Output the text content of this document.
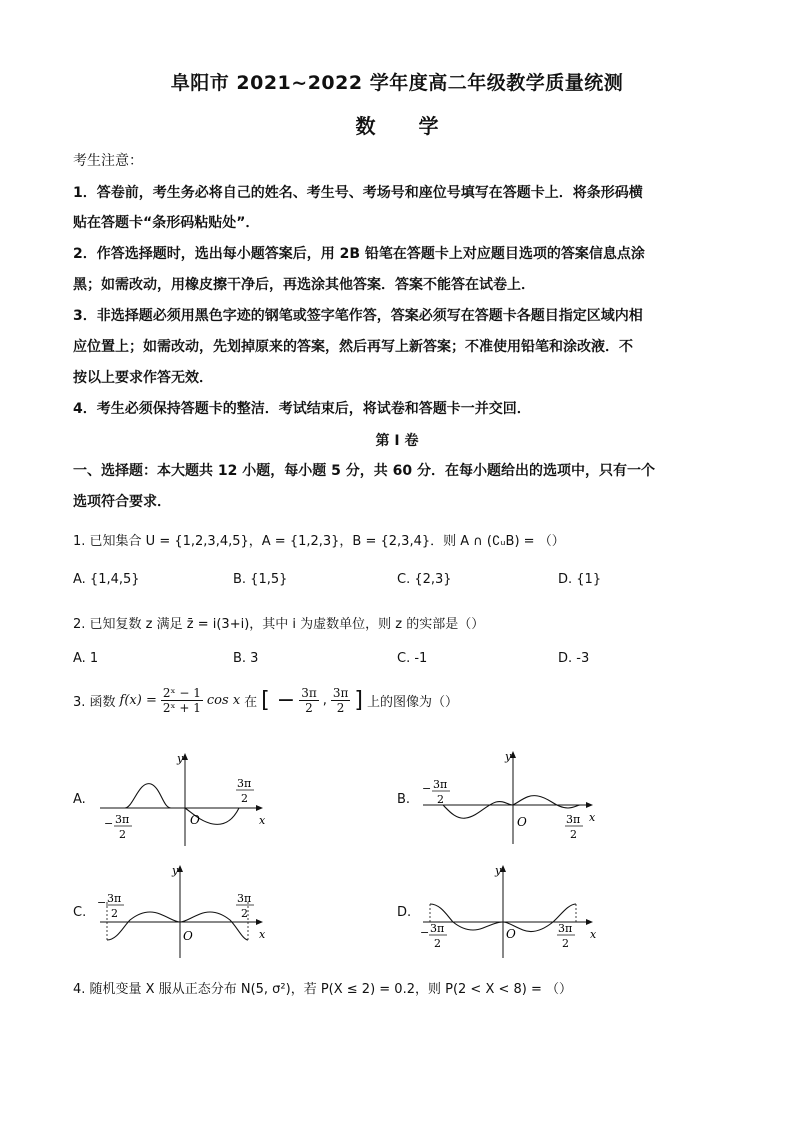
阜阳市 2021~2022 学年度高二年级教学质量统测
数 学
考生注意：
1．答卷前，考生务必将自己的姓名、考生号、考场号和座位号填写在答题卡上．将条形码横
贴在答题卡“条形码粘贴处”．
2．作答选择题时，选出每小题答案后，用 2B 铅笔在答题卡上对应题目选项的答案信息点涂
黑；如需改动，用橡皮擦干净后，再选涂其他答案．答案不能答在试卷上．
3．非选择题必须用黑色字迹的钢笔或签字笔作答，答案必须写在答题卡各题目指定区域内相
应位置上；如需改动，先划掉原来的答案，然后再写上新答案；不准使用铅笔和涂改液．不
按以上要求作答无效．
4．考生必须保持答题卡的整洁．考试结束后，将试卷和答题卡一并交回．
第 I 卷
一、选择题：本大题共 12 小题，每小题 5 分，共 60 分．在每小题给出的选项中，只有一个
选项符合要求．
1. 已知集合 U = {1,2,3,4,5}，A = {1,2,3}，B = {2,3,4}．则 A ∩ (∁ᵤB) = （）
A. {1,4,5}	B. {1,5}	C. {2,3}	D. {1}
2. 已知复数 z 满足 z̄ = i(3+i)，其中 i 为虚数单位，则 z 的实部是（）
A. 1	B. 3	C. -1	D. -3
3. 函数 $f(x) = \frac{\text{2ˣ − 1}}{\text{2ˣ + 1}}$ cos x 在 [ − $\frac{3\pi}{2}$ , $\frac{3\pi}{2}$ ] 上的图像为（）
A.	B.
C.	D.
y
x
O
3π
2
− 3π
2
y
x
O
− 3π
2
3π
2
y
x
O
− 3π
2
3π
2
y
x
O
− 3π
2
3π
2
4. 随机变量 X 服从正态分布 N(5, σ²)，若 P(X ≤ 2) = 0.2，则 P(2 < X < 8) = （）
